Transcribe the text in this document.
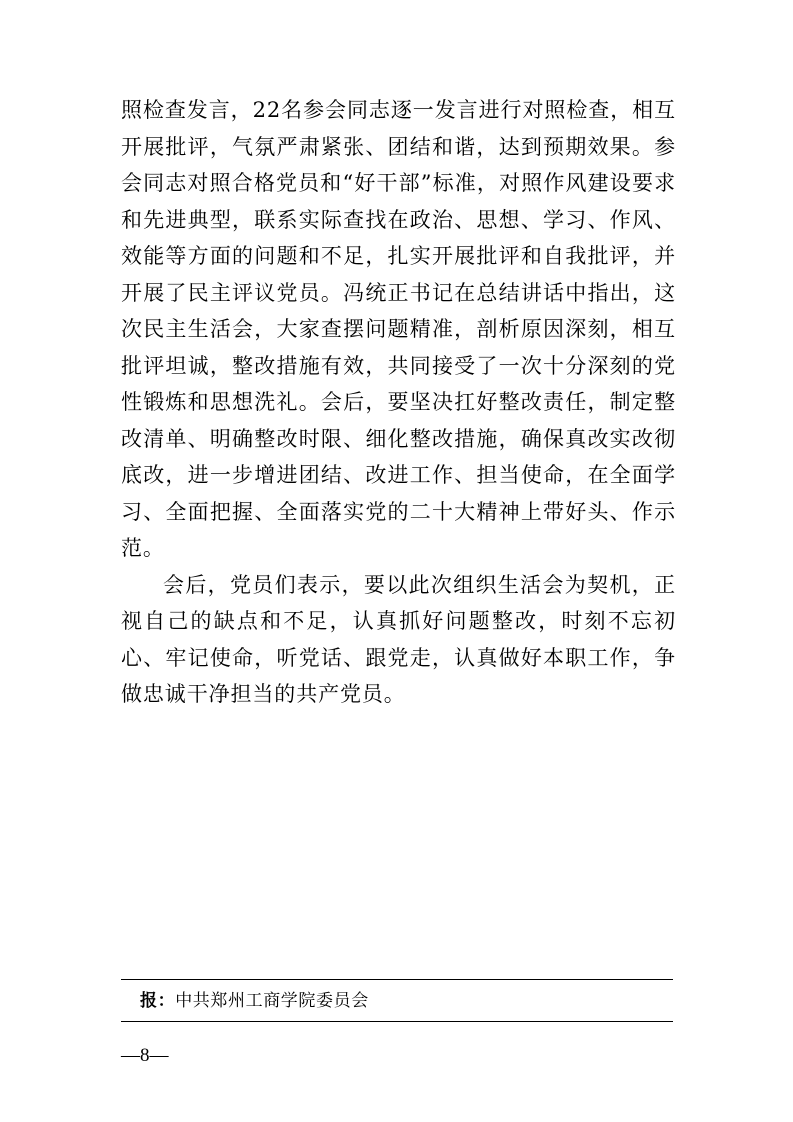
照检查发言，22名参会同志逐一发言进行对照检查，相互开展批评，气氛严肃紧张、团结和谐，达到预期效果。参会同志对照合格党员和“好干部”标准，对照作风建设要求和先进典型，联系实际查找在政治、思想、学习、作风、效能等方面的问题和不足，扎实开展批评和自我批评，并开展了民主评议党员。冯统正书记在总结讲话中指出，这次民主生活会，大家查摆问题精准，剖析原因深刻，相互批评坦诚，整改措施有效，共同接受了一次十分深刻的党性锻炼和思想洗礼。会后，要坚决扛好整改责任，制定整改清单、明确整改时限、细化整改措施，确保真改实改彻底改，进一步增进团结、改进工作、担当使命，在全面学习、全面把握、全面落实党的二十大精神上带好头、作示范。

会后，党员们表示，要以此次组织生活会为契机，正视自己的缺点和不足，认真抓好问题整改，时刻不忘初心、牢记使命，听党话、跟党走，认真做好本职工作，争做忠诚干净担当的共产党员。

报：中共郑州工商学院委员会
—8—
